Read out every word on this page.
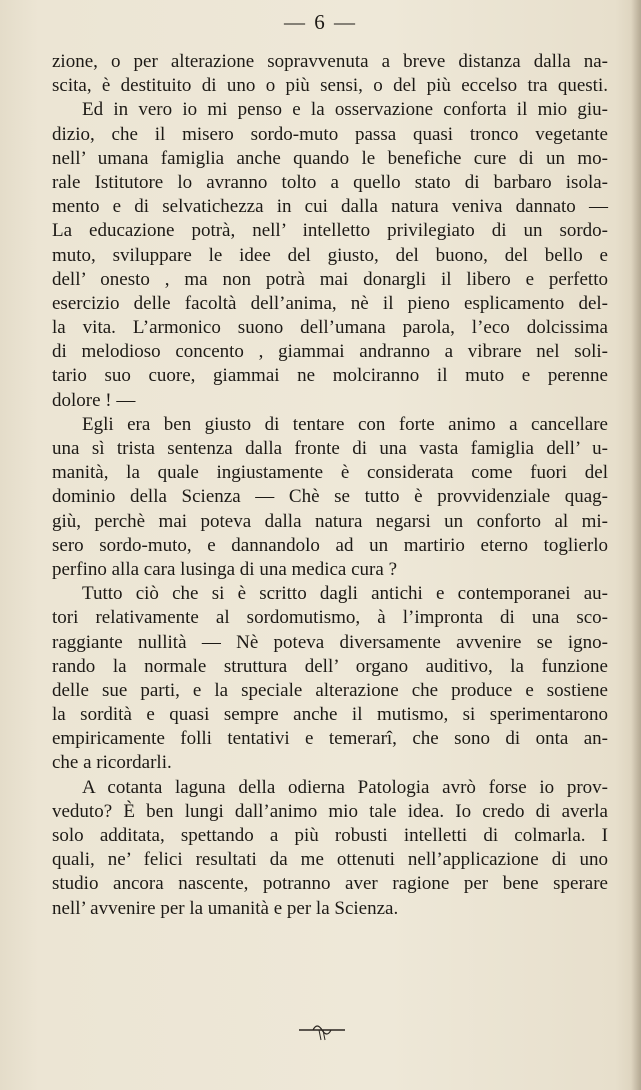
— 6 —
zione, o per alterazione sopravvenuta a breve distanza dalla na-
scita, è destituito di uno o più sensi, o del più eccelso tra questi.
Ed in vero io mi penso e la osservazione conforta il mio giu-
dizio, che il misero sordo-muto passa quasi tronco vegetante
nell’ umana famiglia anche quando le benefiche cure di un mo-
rale Istitutore lo avranno tolto a quello stato di barbaro isola-
mento e di selvatichezza in cui dalla natura veniva dannato —
La educazione potrà, nell’ intelletto privilegiato di un sordo-
muto, sviluppare le idee del giusto, del buono, del bello e
dell’ onesto , ma non potrà mai donargli il libero e perfetto
esercizio delle facoltà dell’anima, nè il pieno esplicamento del-
la vita. L’armonico suono dell’umana parola, l’eco dolcissima
di melodioso concento , giammai andranno a vibrare nel soli-
tario suo cuore, giammai ne molciranno il muto e perenne
dolore ! —
Egli era ben giusto di tentare con forte animo a cancellare
una sì trista sentenza dalla fronte di una vasta famiglia dell’ u-
manità, la quale ingiustamente è considerata come fuori del
dominio della Scienza — Chè se tutto è provvidenziale quag-
giù, perchè mai poteva dalla natura negarsi un conforto al mi-
sero sordo-muto, e dannandolo ad un martirio eterno toglierlo
perfino alla cara lusinga di una medica cura ?
Tutto ciò che si è scritto dagli antichi e contemporanei au-
tori relativamente al sordomutismo, à l’impronta di una sco-
raggiante nullità — Nè poteva diversamente avvenire se igno-
rando la normale struttura dell’ organo auditivo, la funzione
delle sue parti, e la speciale alterazione che produce e sostiene
la sordità e quasi sempre anche il mutismo, si sperimentarono
empiricamente folli tentativi e temerarî, che sono di onta an-
che a ricordarli.
A cotanta laguna della odierna Patologia avrò forse io prov-
veduto? È ben lungi dall’animo mio tale idea. Io credo di averla
solo additata, spettando a più robusti intelletti di colmarla. I
quali, ne’ felici resultati da me ottenuti nell’applicazione di uno
studio ancora nascente, potranno aver ragione per bene sperare
nell’ avvenire per la umanità e per la Scienza.
